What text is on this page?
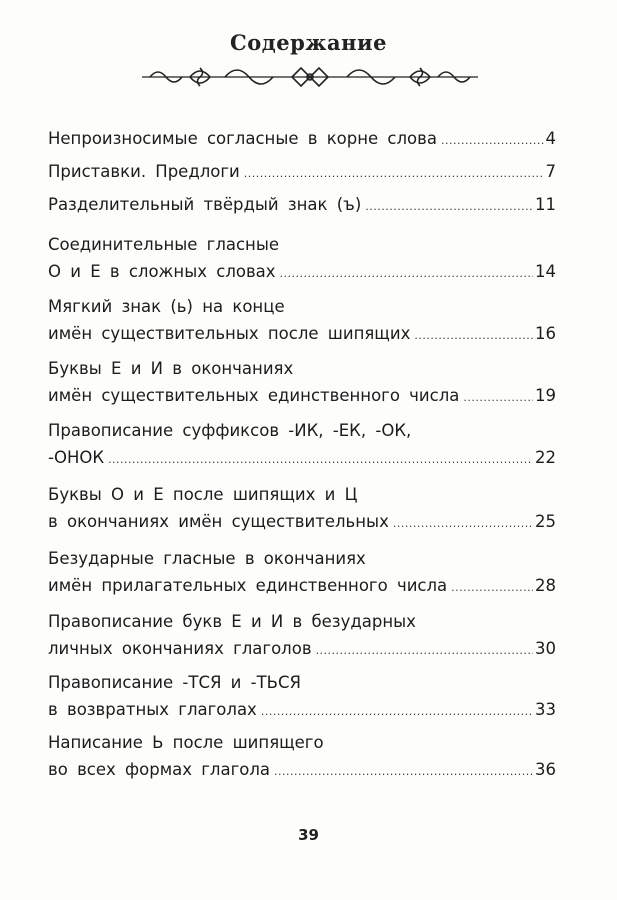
Содержание
Непроизносимые согласные в корне слова .....	4
Приставки. Предлоги .....	7
Разделительный твёрдый знак (ъ) .....	11
Соединительные гласные
О и Е в сложных словах .....	14
Мягкий знак (ь) на конце
имён существительных после шипящих .....	16
Буквы Е и И в окончаниях
имён существительных единственного числа .....	19
Правописание суффиксов -ИК, -ЕК, -ОК,
-ОНОК .....	22
Буквы О и Е после шипящих и Ц
в окончаниях имён существительных .....	25
Безударные гласные в окончаниях
имён прилагательных единственного числа .....	28
Правописание букв Е и И в безударных
личных окончаниях глаголов .....	30
Правописание -ТСЯ и -ТЬСЯ
в возвратных глаголах .....	33
Написание Ь после шипящего
во всех формах глагола .....	36
39
